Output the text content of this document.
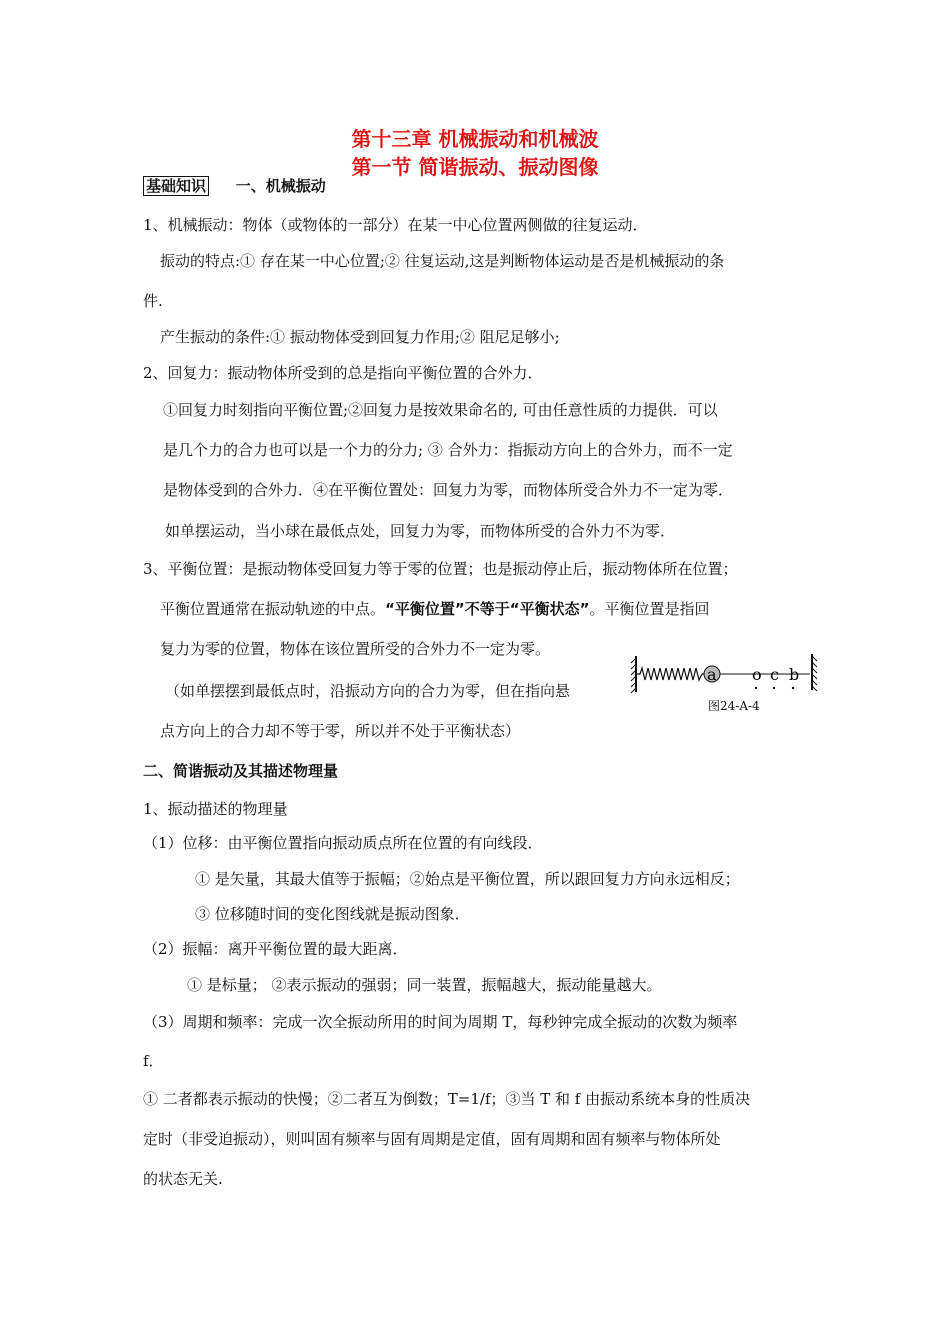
第十三章 机械振动和机械波
第一节 简谐振动、振动图像
基础知识 一、机械振动
1、机械振动：物体（或物体的一部分）在某一中心位置两侧做的往复运动．
振动的特点:① 存在某一中心位置;② 往复运动,这是判断物体运动是否是机械振动的条
件.
产生振动的条件:① 振动物体受到回复力作用;② 阻尼足够小;
2、回复力：振动物体所受到的总是指向平衡位置的合外力．
①回复力时刻指向平衡位置;②回复力是按效果命名的, 可由任意性质的力提供．可以
是几个力的合力也可以是一个力的分力; ③ 合外力：指振动方向上的合外力，而不一定
是物体受到的合外力．④在平衡位置处：回复力为零，而物体所受合外力不一定为零．
如单摆运动，当小球在最低点处，回复力为零，而物体所受的合外力不为零．
3、平衡位置：是振动物体受回复力等于零的位置；也是振动停止后，振动物体所在位置；
平衡位置通常在振动轨迹的中点。“平衡位置”不等于“平衡状态”。平衡位置是指回
复力为零的位置，物体在该位置所受的合外力不一定为零。
（如单摆摆到最低点时，沿振动方向的合力为零，但在指向悬
点方向上的合力却不等于零，所以并不处于平衡状态）
a o c b
图24-A-4
二、简谐振动及其描述物理量
1、振动描述的物理量
（1）位移：由平衡位置指向振动质点所在位置的有向线段．
① 是矢量，其最大值等于振幅；②始点是平衡位置，所以跟回复力方向永远相反；
③ 位移随时间的变化图线就是振动图象．
（2）振幅：离开平衡位置的最大距离．
① 是标量； ②表示振动的强弱；同一装置，振幅越大，振动能量越大。
（3）周期和频率：完成一次全振动所用的时间为周期 T，每秒钟完成全振动的次数为频率
f．
① 二者都表示振动的快慢；②二者互为倒数；T=1/f；③当 T 和 f 由振动系统本身的性质决
定时（非受迫振动），则叫固有频率与固有周期是定值，固有周期和固有频率与物体所处
的状态无关.
